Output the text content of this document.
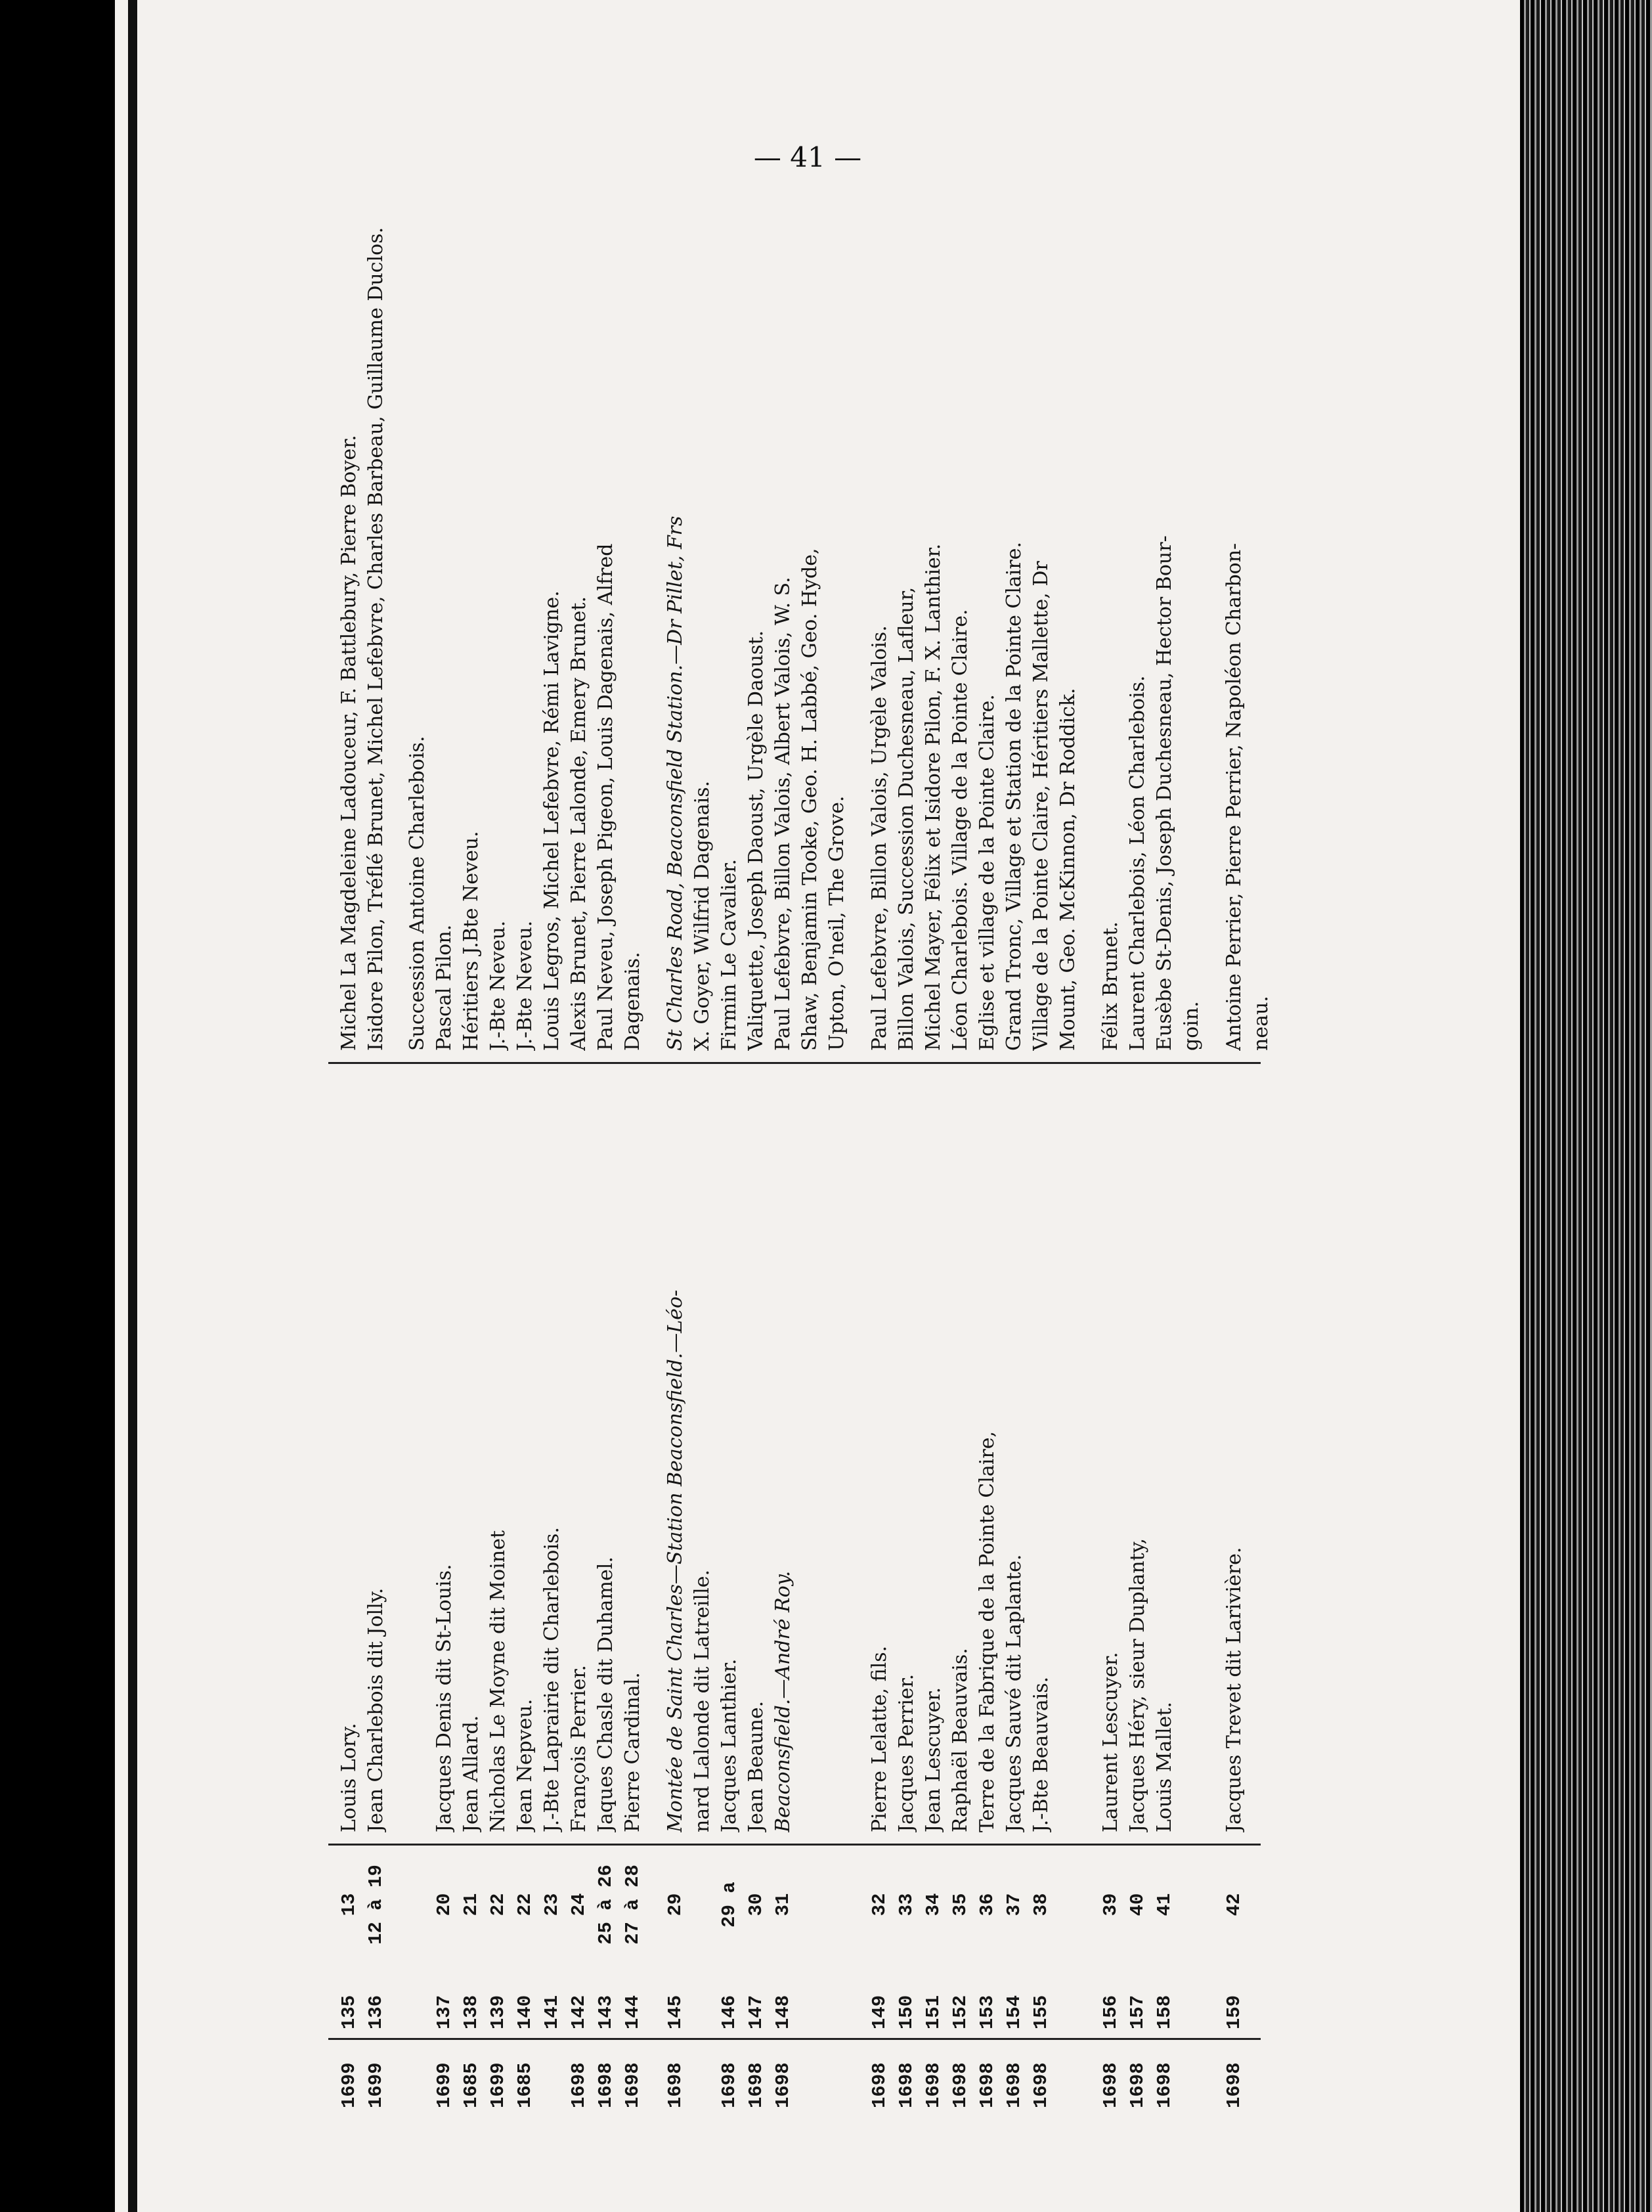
— 41 —
1699
135
13
Louis Lory.
Michel La Magdeleine Ladouceur, F. Battlebury, Pierre Boyer.
1699
136
12 à 19
Jean Charlebois dit Jolly.
Isidore Pilon, Tréflé Brunet, Michel Lefebvre, Charles Barbeau, Guillaume Duclos. Succession Antoine Charlebois.
1699
137
20
Jacques Denis dit St-Louis.
Pascal Pilon.
1685
138
21
Jean Allard.
Héritiers J.Bte Neveu.
1699
139
22
Nicholas Le Moyne dit Moinet
J.-Bte Neveu.
1685
140
22
Jean Nepveu.
J.-Bte Neveu.
141
23
J.-Bte Laprairie dit Charlebois.
Louis Legros, Michel Lefebvre, Rémi Lavigne.
1698
142
24
François Perrier.
Alexis Brunet, Pierre Lalonde, Emery Brunet.
1698
143
25 à 26
Jaques Chasle dit Duhamel.
Paul Neveu, Joseph Pigeon, Louis Dagenais, Alfred
1698
144
27 à 28
Pierre Cardinal.
Dagenais.
1698
145
29
Montée de Saint Charles—Station Beaconsfield.—Léo-
St Charles Road, Beaconsfield Station.—Dr Pillet, Frs
nard Lalonde dit Latreille.
X. Goyer, Wilfrid Dagenais.
1698
146
29 a
Jacques Lanthier.
Firmin Le Cavalier.
1698
147
30
Jean Beaune.
Valiquette, Joseph Daoust, Urgèle Daoust.
1698
148
31
Beaconsfield.—André Roy.
Paul Lefebvre, Billon Valois, Albert Valois, W. S. Shaw, Benjamin Tooke, Geo. H. Labbé, Geo. Hyde, Upton, O'neil, The Grove.
1698
149
32
Pierre Lelatte, fils.
Paul Lefebvre, Billon Valois, Urgèle Valois.
1698
150
33
Jacques Perrier.
Billon Valois, Succession Duchesneau, Lafleur,
1698
151
34
Jean Lescuyer.
Michel Mayer, Félix et Isidore Pilon, F. X. Lanthier.
1698
152
35
Raphaël Beauvais.
Léon Charlebois. Village de la Pointe Claire.
1698
153
36
Terre de la Fabrique de la Pointe Claire,
Eglise et village de la Pointe Claire.
1698
154
37
Jacques Sauvé dit Laplante.
Grand Tronc, Village et Station de la Pointe Claire.
1698
155
38
J.-Bte Beauvais.
Village de la Pointe Claire, Héritiers Mallette, Dr Mount, Geo. McKinnon, Dr Roddick.
1698
156
39
Laurent Lescuyer.
Félix Brunet.
1698
157
40
Jacques Héry, sieur Duplanty,
Laurent Charlebois, Léon Charlebois.
1698
158
41
Louis Mallet.
Eusèbe St-Denis, Joseph Duchesneau, Hector Bour- goin.
1698
159
42
Jacques Trevet dit Larivière.
Antoine Perrier, Pierre Perrier, Napoléon Charbon- neau.
